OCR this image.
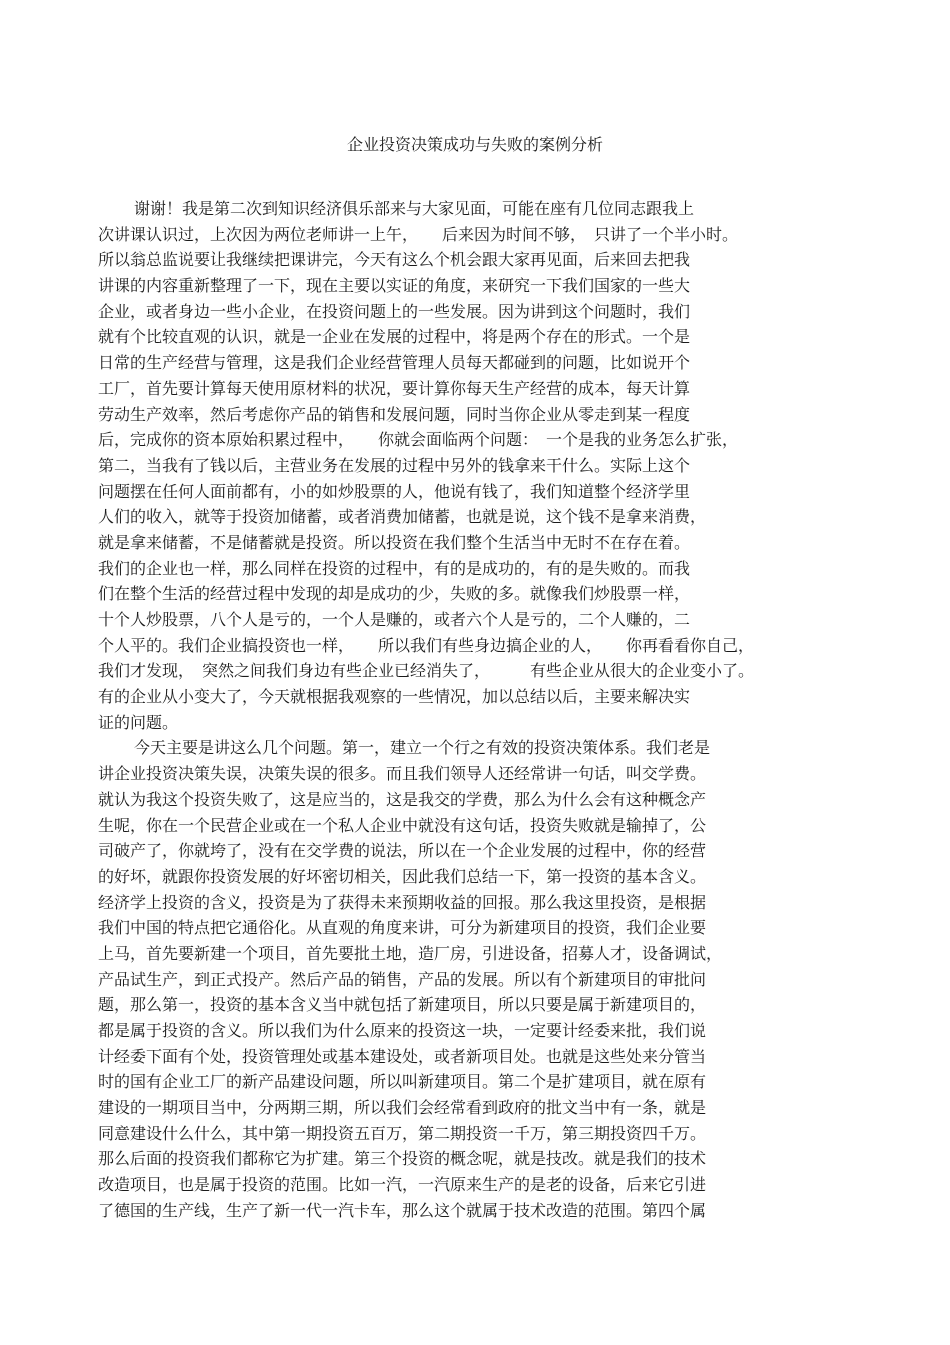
企业投资决策成功与失败的案例分析
谢谢！我是第二次到知识经济俱乐部来与大家见面，可能在座有几位同志跟我上
次讲课认识过，上次因为两位老师讲一上午，　　后来因为时间不够，　只讲了一个半小时。
所以翁总监说要让我继续把课讲完，今天有这么个机会跟大家再见面，后来回去把我
讲课的内容重新整理了一下，现在主要以实证的角度，来研究一下我们国家的一些大
企业，或者身边一些小企业，在投资问题上的一些发展。因为讲到这个问题时，我们
就有个比较直观的认识，就是一企业在发展的过程中，将是两个存在的形式。一个是
日常的生产经营与管理，这是我们企业经营管理人员每天都碰到的问题，比如说开个
工厂，首先要计算每天使用原材料的状况，要计算你每天生产经营的成本，每天计算
劳动生产效率，然后考虑你产品的销售和发展问题，同时当你企业从零走到某一程度
后，完成你的资本原始积累过程中，　　你就会面临两个问题：　一个是我的业务怎么扩张，
第二，当我有了钱以后，主营业务在发展的过程中另外的钱拿来干什么。实际上这个
问题摆在任何人面前都有，小的如炒股票的人，他说有钱了，我们知道整个经济学里
人们的收入，就等于投资加储蓄，或者消费加储蓄，也就是说，这个钱不是拿来消费，
就是拿来储蓄，不是储蓄就是投资。所以投资在我们整个生活当中无时不在存在着。
我们的企业也一样，那么同样在投资的过程中，有的是成功的，有的是失败的。而我
们在整个生活的经营过程中发现的却是成功的少，失败的多。就像我们炒股票一样，
十个人炒股票，八个人是亏的，一个人是赚的，或者六个人是亏的，二个人赚的，二
个人平的。我们企业搞投资也一样，　　所以我们有些身边搞企业的人，　　你再看看你自己，
我们才发现，　突然之间我们身边有些企业已经消失了，　　　有些企业从很大的企业变小了。
有的企业从小变大了，今天就根据我观察的一些情况，加以总结以后，主要来解决实
证的问题。
今天主要是讲这么几个问题。第一，建立一个行之有效的投资决策体系。我们老是
讲企业投资决策失误，决策失误的很多。而且我们领导人还经常讲一句话，叫交学费。
就认为我这个投资失败了，这是应当的，这是我交的学费，那么为什么会有这种概念产
生呢，你在一个民营企业或在一个私人企业中就没有这句话，投资失败就是输掉了，公
司破产了，你就垮了，没有在交学费的说法，所以在一个企业发展的过程中，你的经营
的好坏，就跟你投资发展的好坏密切相关，因此我们总结一下，第一投资的基本含义。
经济学上投资的含义，投资是为了获得未来预期收益的回报。那么我这里投资，是根据
我们中国的特点把它通俗化。从直观的角度来讲，可分为新建项目的投资，我们企业要
上马，首先要新建一个项目，首先要批土地，造厂房，引进设备，招募人才，设备调试，
产品试生产，到正式投产。然后产品的销售，产品的发展。所以有个新建项目的审批问
题，那么第一，投资的基本含义当中就包括了新建项目，所以只要是属于新建项目的，
都是属于投资的含义。所以我们为什么原来的投资这一块，一定要计经委来批，我们说
计经委下面有个处，投资管理处或基本建设处，或者新项目处。也就是这些处来分管当
时的国有企业工厂的新产品建设问题，所以叫新建项目。第二个是扩建项目，就在原有
建设的一期项目当中，分两期三期，所以我们会经常看到政府的批文当中有一条，就是
同意建设什么什么，其中第一期投资五百万，第二期投资一千万，第三期投资四千万。
那么后面的投资我们都称它为扩建。第三个投资的概念呢，就是技改。就是我们的技术
改造项目，也是属于投资的范围。比如一汽，一汽原来生产的是老的设备，后来它引进
了德国的生产线，生产了新一代一汽卡车，那么这个就属于技术改造的范围。第四个属
